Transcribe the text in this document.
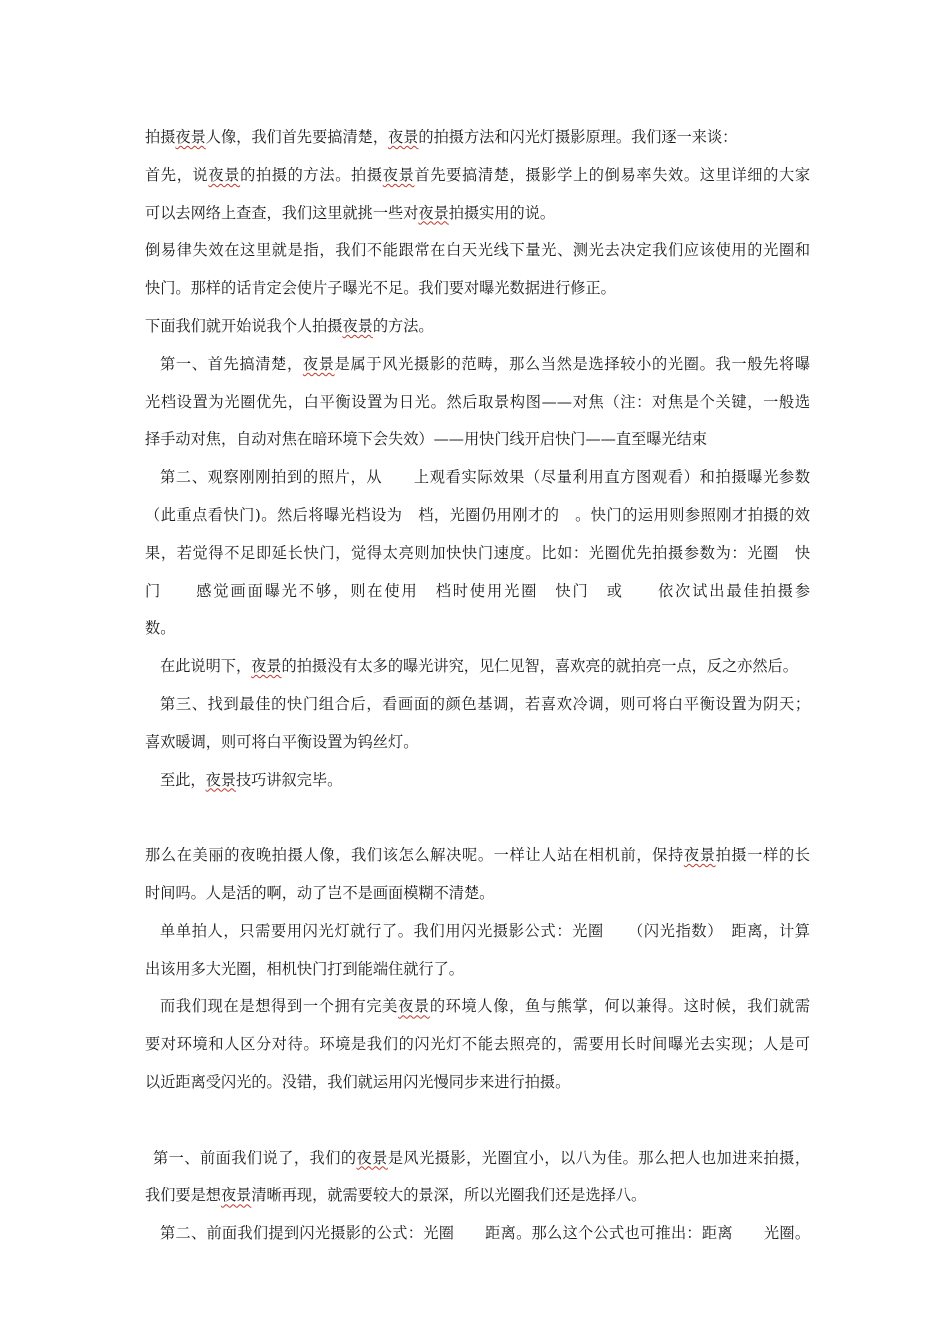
拍摄夜景人像，我们首先要搞清楚，夜景的拍摄方法和闪光灯摄影原理。我们逐一来谈：
首先，说夜景的拍摄的方法。拍摄夜景首先要搞清楚，摄影学上的倒易率失效。这里详细的大家
可以去网络上查查，我们这里就挑一些对夜景拍摄实用的说。
倒易律失效在这里就是指，我们不能跟常在白天光线下量光、测光去决定我们应该使用的光圈和
快门。那样的话肯定会使片子曝光不足。我们要对曝光数据进行修正。
下面我们就开始说我个人拍摄夜景的方法。
第一、首先搞清楚，夜景是属于风光摄影的范畴，那么当然是选择较小的光圈。我一般先将曝
光档设置为光圈优先，白平衡设置为日光。然后取景构图——对焦（注：对焦是个关键，一般选
择手动对焦，自动对焦在暗环境下会失效）——用快门线开启快门——直至曝光结束
第二、观察刚刚拍到的照片，从　　上观看实际效果（尽量利用直方图观看）和拍摄曝光参数
（此重点看快门)。然后将曝光档设为　档，光圈仍用刚才的　。快门的运用则参照刚才拍摄的效
果，若觉得不足即延长快门，觉得太亮则加快快门速度。比如：光圈优先拍摄参数为：光圈　快
门　　感觉画面曝光不够，则在使用　档时使用光圈　快门　或　　依次试出最佳拍摄参
数。
在此说明下，夜景的拍摄没有太多的曝光讲究，见仁见智，喜欢亮的就拍亮一点，反之亦然后。
第三、找到最佳的快门组合后，看画面的颜色基调，若喜欢冷调，则可将白平衡设置为阴天；
喜欢暖调，则可将白平衡设置为钨丝灯。
至此，夜景技巧讲叙完毕。
那么在美丽的夜晚拍摄人像，我们该怎么解决呢。一样让人站在相机前，保持夜景拍摄一样的长
时间吗。人是活的啊，动了岂不是画面模糊不清楚。
单单拍人，只需要用闪光灯就行了。我们用闪光摄影公式：光圈　　（闪光指数）　距离，计算
出该用多大光圈，相机快门打到能端住就行了。
而我们现在是想得到一个拥有完美夜景的环境人像，鱼与熊掌，何以兼得。这时候，我们就需
要对环境和人区分对待。环境是我们的闪光灯不能去照亮的，需要用长时间曝光去实现；人是可
以近距离受闪光的。没错，我们就运用闪光慢同步来进行拍摄。
第一、前面我们说了，我们的夜景是风光摄影，光圈宜小，以八为佳。那么把人也加进来拍摄，
我们要是想夜景清晰再现，就需要较大的景深，所以光圈我们还是选择八。
第二、前面我们提到闪光摄影的公式：光圈　　距离。那么这个公式也可推出：距离　　光圈。
